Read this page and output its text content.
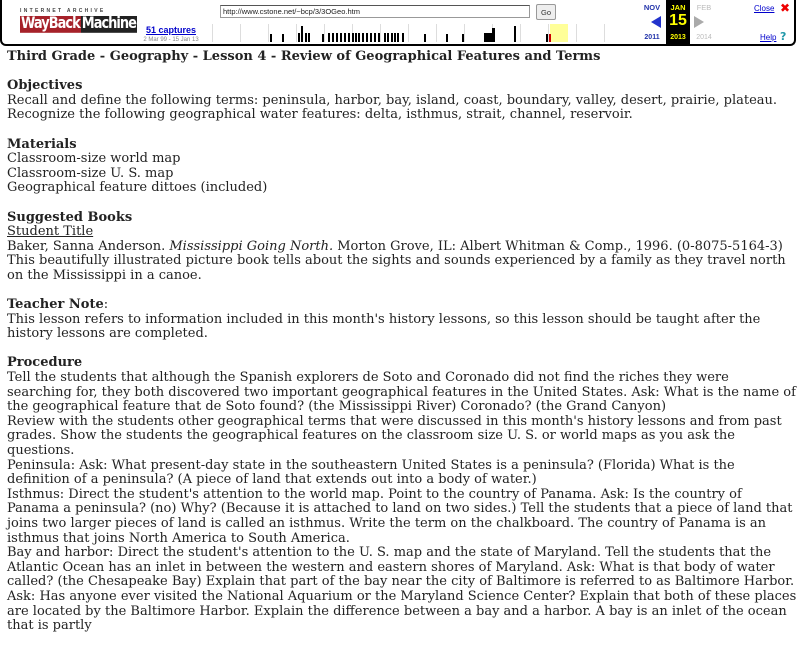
INTERNET ARCHIVE
WayBack Machine	51 captures
2 Mar 99 - 15 Jan 13
http://www.cstone.net/~bcp/3/3OGeo.htm	Go
NOV
2011
JAN
15
2013
FEB
2014
Close ✖
Help ?
Third Grade - Geography - Lesson 4 - Review of Geographical Features and Terms
Objectives

Recall and define the following terms: peninsula, harbor, bay, island, coast, boundary, valley, desert, prairie, plateau.

Recognize the following geographical water features: delta, isthmus, strait, channel, reservoir.

Materials

Classroom-size world map

Classroom-size U. S. map

Geographical feature dittoes (included)

Suggested Books

Student Title

Baker, Sanna Anderson. Mississippi Going North. Morton Grove, IL: Albert Whitman & Comp., 1996. (0-8075-5164-3)

This beautifully illustrated picture book tells about the sights and sounds experienced by a family as they travel north on the Mississippi in a canoe.

Teacher Note:

This lesson refers to information included in this month's history lessons, so this lesson should be taught after the history lessons are completed.

Procedure

Tell the students that although the Spanish explorers de Soto and Coronado did not find the riches they were searching for, they both discovered two important geographical features in the United States. Ask: What is the name of the geographical feature that de Soto found? (the Mississippi River) Coronado? (the Grand Canyon)

Review with the students other geographical terms that were discussed in this month's history lessons and from past grades. Show the students the geographical features on the classroom size U. S. or world maps as you ask the questions.

Peninsula: Ask: What present-day state in the southeastern United States is a peninsula? (Florida) What is the definition of a peninsula? (A piece of land that extends out into a body of water.)

Isthmus: Direct the student's attention to the world map. Point to the country of Panama. Ask: Is the country of Panama a peninsula? (no) Why? (Because it is attached to land on two sides.) Tell the students that a piece of land that joins two larger pieces of land is called an isthmus. Write the term on the chalkboard. The country of Panama is an isthmus that joins North America to South America.

Bay and harbor: Direct the student's attention to the U. S. map and the state of Maryland. Tell the students that the Atlantic Ocean has an inlet in between the western and eastern shores of Maryland. Ask: What is that body of water called? (the Chesapeake Bay) Explain that part of the bay near the city of Baltimore is referred to as Baltimore Harbor. Ask: Has anyone ever visited the National Aquarium or the Maryland Science Center? Explain that both of these places are located by the Baltimore Harbor. Explain the difference between a bay and a harbor. A bay is an inlet of the ocean that is partly
